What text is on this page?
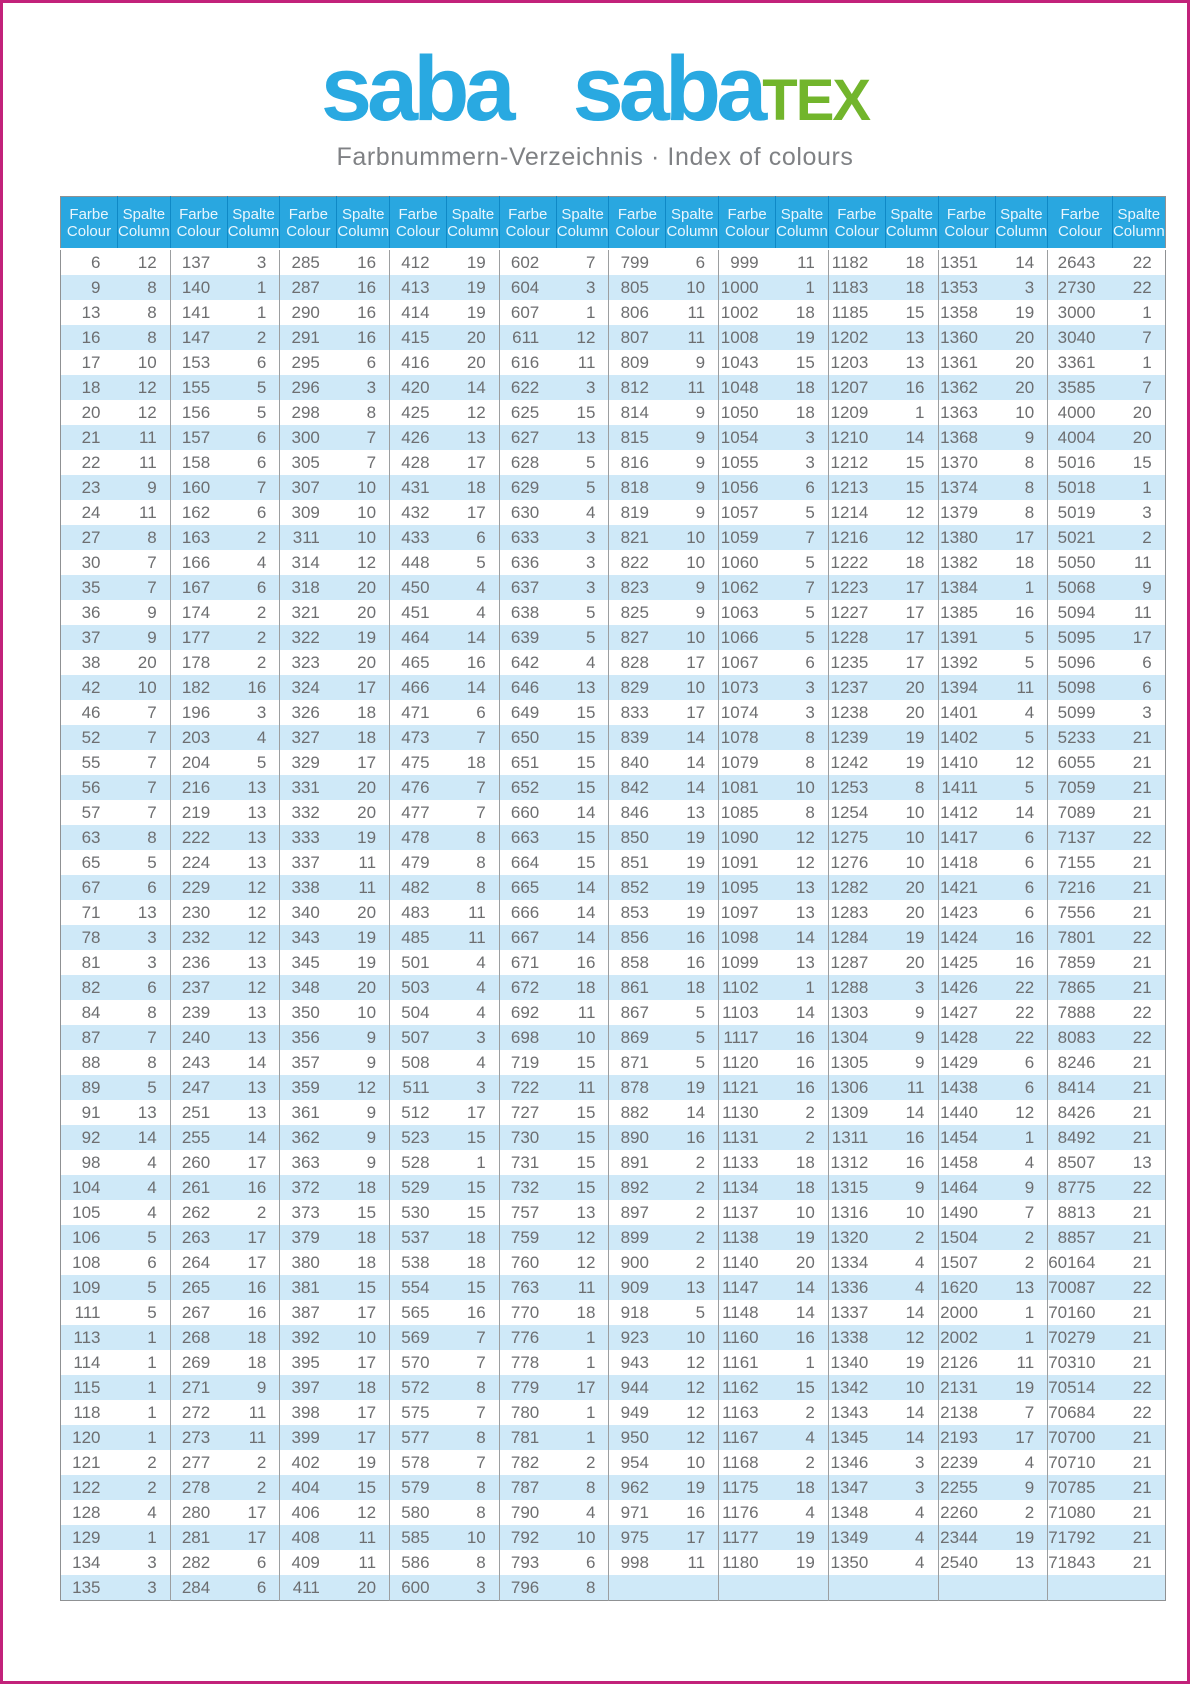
saba sabaTEX
Farbnummern-Verzeichnis · Index of colours
Farbe
Colour

Spalte
Column

Farbe
Colour

Spalte
Column

Farbe
Colour

Spalte
Column

Farbe
Colour

Spalte
Column

Farbe
Colour

Spalte
Column

Farbe
Colour

Spalte
Column

Farbe
Colour

Spalte
Column

Farbe
Colour

Spalte
Column

Farbe
Colour

Spalte
Column

Farbe
Colour

Spalte
Column

6	12	137	3	285	16	412	19	602	7	799	6	999	11	1182	18	1351	14	2643	22
9	8	140	1	287	16	413	19	604	3	805	10	1000	1	1183	18	1353	3	2730	22
13	8	141	1	290	16	414	19	607	1	806	11	1002	18	1185	15	1358	19	3000	1
16	8	147	2	291	16	415	20	611	12	807	11	1008	19	1202	13	1360	20	3040	7
17	10	153	6	295	6	416	20	616	11	809	9	1043	15	1203	13	1361	20	3361	1
18	12	155	5	296	3	420	14	622	3	812	11	1048	18	1207	16	1362	20	3585	7
20	12	156	5	298	8	425	12	625	15	814	9	1050	18	1209	1	1363	10	4000	20
21	11	157	6	300	7	426	13	627	13	815	9	1054	3	1210	14	1368	9	4004	20
22	11	158	6	305	7	428	17	628	5	816	9	1055	3	1212	15	1370	8	5016	15
23	9	160	7	307	10	431	18	629	5	818	9	1056	6	1213	15	1374	8	5018	1
24	11	162	6	309	10	432	17	630	4	819	9	1057	5	1214	12	1379	8	5019	3
27	8	163	2	311	10	433	6	633	3	821	10	1059	7	1216	12	1380	17	5021	2
30	7	166	4	314	12	448	5	636	3	822	10	1060	5	1222	18	1382	18	5050	11
35	7	167	6	318	20	450	4	637	3	823	9	1062	7	1223	17	1384	1	5068	9
36	9	174	2	321	20	451	4	638	5	825	9	1063	5	1227	17	1385	16	5094	11
37	9	177	2	322	19	464	14	639	5	827	10	1066	5	1228	17	1391	5	5095	17
38	20	178	2	323	20	465	16	642	4	828	17	1067	6	1235	17	1392	5	5096	6
42	10	182	16	324	17	466	14	646	13	829	10	1073	3	1237	20	1394	11	5098	6
46	7	196	3	326	18	471	6	649	15	833	17	1074	3	1238	20	1401	4	5099	3
52	7	203	4	327	18	473	7	650	15	839	14	1078	8	1239	19	1402	5	5233	21
55	7	204	5	329	17	475	18	651	15	840	14	1079	8	1242	19	1410	12	6055	21
56	7	216	13	331	20	476	7	652	15	842	14	1081	10	1253	8	1411	5	7059	21
57	7	219	13	332	20	477	7	660	14	846	13	1085	8	1254	10	1412	14	7089	21
63	8	222	13	333	19	478	8	663	15	850	19	1090	12	1275	10	1417	6	7137	22
65	5	224	13	337	11	479	8	664	15	851	19	1091	12	1276	10	1418	6	7155	21
67	6	229	12	338	11	482	8	665	14	852	19	1095	13	1282	20	1421	6	7216	21
71	13	230	12	340	20	483	11	666	14	853	19	1097	13	1283	20	1423	6	7556	21
78	3	232	12	343	19	485	11	667	14	856	16	1098	14	1284	19	1424	16	7801	22
81	3	236	13	345	19	501	4	671	16	858	16	1099	13	1287	20	1425	16	7859	21
82	6	237	12	348	20	503	4	672	18	861	18	1102	1	1288	3	1426	22	7865	21
84	8	239	13	350	10	504	4	692	11	867	5	1103	14	1303	9	1427	22	7888	22
87	7	240	13	356	9	507	3	698	10	869	5	1117	16	1304	9	1428	22	8083	22
88	8	243	14	357	9	508	4	719	15	871	5	1120	16	1305	9	1429	6	8246	21
89	5	247	13	359	12	511	3	722	11	878	19	1121	16	1306	11	1438	6	8414	21
91	13	251	13	361	9	512	17	727	15	882	14	1130	2	1309	14	1440	12	8426	21
92	14	255	14	362	9	523	15	730	15	890	16	1131	2	1311	16	1454	1	8492	21
98	4	260	17	363	9	528	1	731	15	891	2	1133	18	1312	16	1458	4	8507	13
104	4	261	16	372	18	529	15	732	15	892	2	1134	18	1315	9	1464	9	8775	22
105	4	262	2	373	15	530	15	757	13	897	2	1137	10	1316	10	1490	7	8813	21
106	5	263	17	379	18	537	18	759	12	899	2	1138	19	1320	2	1504	2	8857	21
108	6	264	17	380	18	538	18	760	12	900	2	1140	20	1334	4	1507	2	60164	21
109	5	265	16	381	15	554	15	763	11	909	13	1147	14	1336	4	1620	13	70087	22
111	5	267	16	387	17	565	16	770	18	918	5	1148	14	1337	14	2000	1	70160	21
113	1	268	18	392	10	569	7	776	1	923	10	1160	16	1338	12	2002	1	70279	21
114	1	269	18	395	17	570	7	778	1	943	12	1161	1	1340	19	2126	11	70310	21
115	1	271	9	397	18	572	8	779	17	944	12	1162	15	1342	10	2131	19	70514	22
118	1	272	11	398	17	575	7	780	1	949	12	1163	2	1343	14	2138	7	70684	22
120	1	273	11	399	17	577	8	781	1	950	12	1167	4	1345	14	2193	17	70700	21
121	2	277	2	402	19	578	7	782	2	954	10	1168	2	1346	3	2239	4	70710	21
122	2	278	2	404	15	579	8	787	8	962	19	1175	18	1347	3	2255	9	70785	21
128	4	280	17	406	12	580	8	790	4	971	16	1176	4	1348	4	2260	2	71080	21
129	1	281	17	408	11	585	10	792	10	975	17	1177	19	1349	4	2344	19	71792	21
134	3	282	6	409	11	586	8	793	6	998	11	1180	19	1350	4	2540	13	71843	21
135	3	284	6	411	20	600	3	796	8										
